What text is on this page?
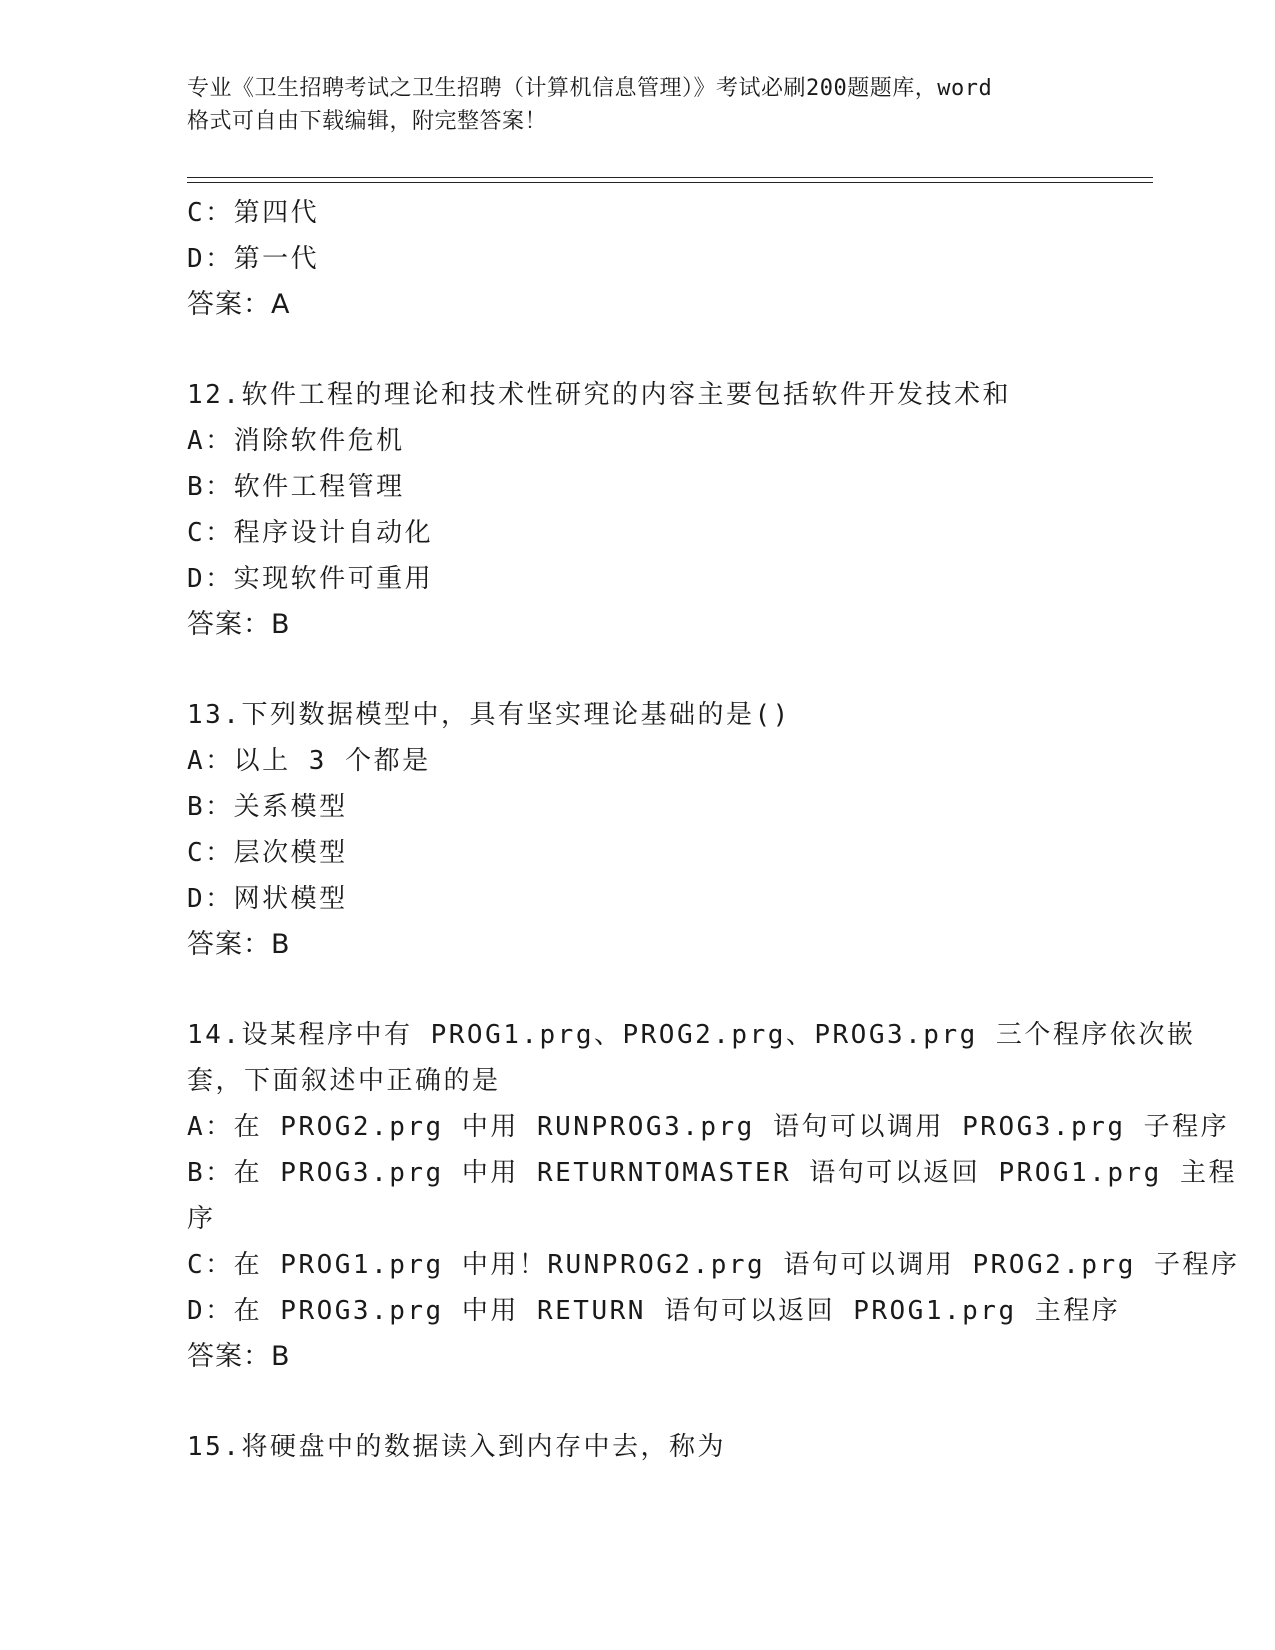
专业《卫生招聘考试之卫生招聘（计算机信息管理）》考试必刷200题题库，word
格式可自由下载编辑，附完整答案！
C：第四代
D：第一代
答案：A
12.软件工程的理论和技术性研究的内容主要包括软件开发技术和
A：消除软件危机
B：软件工程管理
C：程序设计自动化
D：实现软件可重用
答案：B
13.下列数据模型中，具有坚实理论基础的是()
A：以上 3 个都是
B：关系模型
C：层次模型
D：网状模型
答案：B
14.设某程序中有 PROG1.prg、PROG2.prg、PROG3.prg 三个程序依次嵌
套，下面叙述中正确的是
A：在 PROG2.prg 中用 RUNPROG3.prg 语句可以调用 PROG3.prg 子程序
B：在 PROG3.prg 中用 RETURNTOMASTER 语句可以返回 PROG1.prg 主程
序
C：在 PROG1.prg 中用！RUNPROG2.prg 语句可以调用 PROG2.prg 子程序
D：在 PROG3.prg 中用 RETURN 语句可以返回 PROG1.prg 主程序
答案：B
15.将硬盘中的数据读入到内存中去，称为
